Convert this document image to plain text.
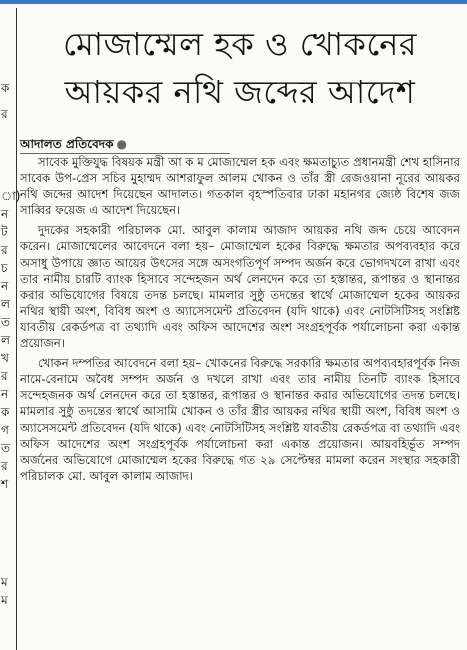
ক
র
া)
ন
ট
র
চ
ন
ল
ত
ল
খ
র
ন
ক
গ
ত
র
শ
ম
ম
মোজাম্মেল হক ও খোকনের আয়কর নথি জব্দের আদেশ
আদালত প্রতিবেদক ●

সাবেক মুক্তিযুদ্ধ বিষয়ক মন্ত্রী আ ক ম মোজাম্মেল হক এবং ক্ষমতাচ্যুত প্রধানমন্ত্রী শেখ হাসিনার সাবেক উপ-প্রেস সচিব মুহাম্মদ আশরাফুল আলম খোকন ও তাঁর স্ত্রী রেজওয়ানা নূরের আয়কর নথি জব্দের আদেশ দিয়েছেন আদালত। গতকাল বৃহস্পতিবার ঢাকা মহানগর জ্যেষ্ঠ বিশেষ জজ সাব্বির ফয়েজ এ আদেশ দিয়েছেন।

দুদকের সহকারী পরিচালক মো. আবুল কালাম আজাদ আয়কর নথি জব্দ চেয়ে আবেদন করেন। মোজাম্মেলের আবেদনে বলা হয়– মোজাম্মেল হকের বিরুদ্ধে ক্ষমতার অপব্যবহার করে অসাধু উপায়ে জ্ঞাত আয়ের উৎসের সঙ্গে অসংগতিপূর্ণ সম্পদ অর্জন করে ভোগদখলে রাখা এবং তার নামীয় চারটি ব্যাংক হিসাবে সন্দেহজন অর্থ লেনদেন করে তা হস্তান্তর, রূপান্তর ও স্থানান্তর করার অভিযোগের বিষয়ে তদন্ত চলছে। মামলার সুষ্ঠু তদন্তের স্বার্থে মোজাম্মেল হকের আয়কর নথির স্থায়ী অংশ, বিবিধ অংশ ও অ্যাসেসমেন্ট প্রতিবেদন (যদি থাকে) এবং নোটসিটিসহ সংশ্লিষ্ট যাবতীয় রেকর্ডপত্র বা তথ্যাদি এবং অফিস আদেশের অংশ সংগ্রহপূর্বক পর্যালোচনা করা একান্ত প্রয়োজন।

খোকন দম্পতির আবেদনে বলা হয়– খোকনের বিরুদ্ধে সরকারি ক্ষমতার অপব্যবহারপূর্বক নিজ নামে-বেনামে অবৈধ সম্পদ অর্জন ও দখলে রাখা এবং তার নামীয় তিনটি ব্যাংক হিসাবে সন্দেহজনক অর্থ লেনদেন করে তা হস্তান্তর, রূপান্তর ও স্থানান্তর করার অভিযোগের তদন্ত চলছে। মামলার সুষ্ঠু তদন্তের স্বার্থে আসামি খোকন ও তাঁর স্ত্রীর আয়কর নথির স্থায়ী অংশ, বিবিধ অংশ ও অ্যাসেসমেন্ট প্রতিবেদন (যদি থাকে) এবং নোটসিটিসহ সংশ্লিষ্ট যাবতীয় রেকর্ডপত্র বা তথ্যাদি এবং অফিস আদেশের অংশ সংগ্রহপূর্বক পর্যালোচনা করা একান্ত প্রয়োজন। আয়বহির্ভূত সম্পদ অর্জনের অভিযোগে মোজাম্মেল হকের বিরুদ্ধে গত ২৯ সেপ্টেম্বর মামলা করেন সংস্থার সহকারী পরিচালক মো. আবুল কালাম আজাদ।
